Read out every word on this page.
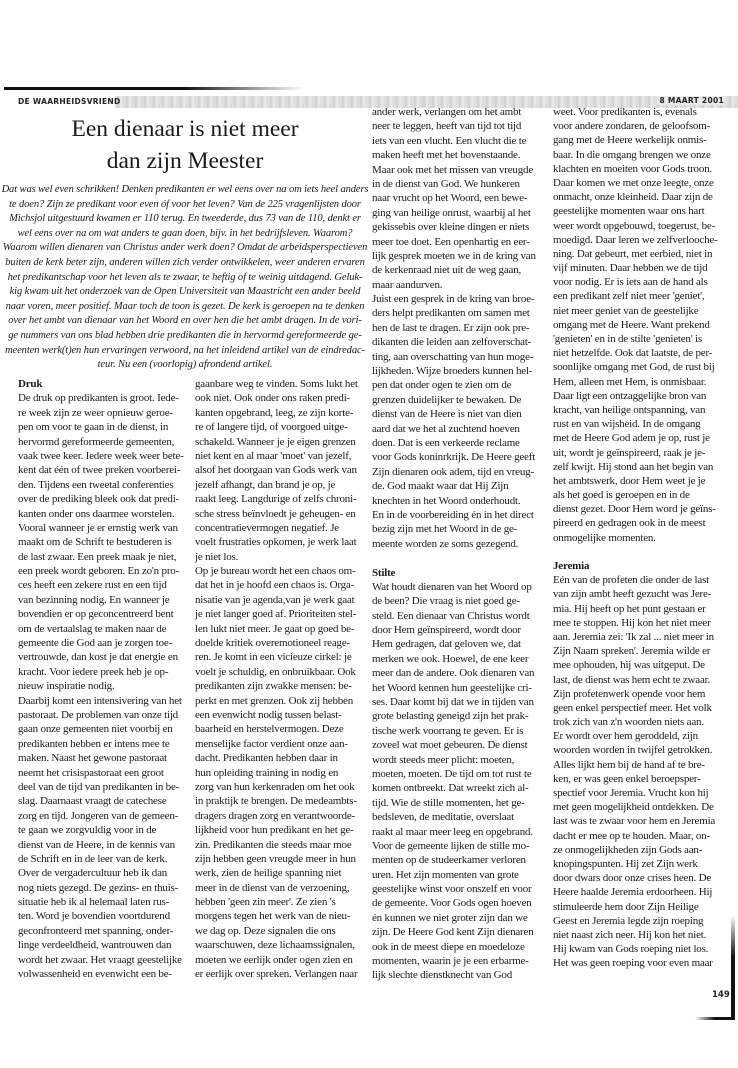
DE WAARHEIDSVRIEND	8 MAART 2001
Een dienaar is niet meer
dan zijn Meester
Dat was wel even schrikken! Denken predikanten er wel eens over na om iets heel anders
te doen? Zijn ze predikant voor even óf voor het leven? Van de 225 vragenlijsten door
Michsjol uitgestuurd kwamen er 110 terug. En tweederde, dus 73 van de 110, denkt er
wel eens over na om wat anders te gaan doen, bijv. in het bedrijfsleven. Waarom?
Waarom willen dienaren van Christus ander werk doen? Omdat de arbeidsperspectieven
buiten de kerk beter zijn, anderen willen zich verder ontwikkelen, weer anderen ervaren
het predikantschap voor het leven als te zwaar, te heftig of te weinig uitdagend. Geluk-
kig kwam uit het onderzoek van de Open Universiteit van Maastricht een ander beeld
naar voren, meer positief. Maar toch de toon is gezet. De kerk is geroepen na te denken
over het ambt van dienaar van het Woord en over hen die het ambt dragen. In de vori-
ge nummers van ons blad hebben drie predikanten die in hervormd gereformeerde ge-
meenten werk(t)en hun ervaringen verwoord, na het inleidend artikel van de eindredac-
teur. Nu een (voorlopig) afrondend artikel.
Druk
De druk op predikanten is groot. Iede-
re week zijn ze weer opnieuw geroe-
pen om voor te gaan in de dienst, in
hervormd gereformeerde gemeenten,
vaak twee keer. Iedere week weer bete-
kent dat één of twee preken voorberei-
den. Tijdens een tweetal conferenties
over de prediking bleek ook dat predi-
kanten onder ons daarmee worstelen.
Vooral wanneer je er ernstig werk van
maakt om de Schrift te bestuderen is
de last zwaar. Een preek maak je niet,
een preek wordt geboren. En zo'n pro-
ces heeft een zekere rust en een tijd
van bezinning nodig. En wanneer je
bovendien er op geconcentreerd bent
om de vertaalslag te maken naar de
gemeente die God aan je zorgen toe-
vertrouwde, dan kost je dat energie en
kracht. Voor iedere preek heb je op-
nieuw inspiratie nodig.
Daarbij komt een intensivering van het
pastoraat. De problemen van onze tijd
gaan onze gemeenten niet voorbij en
predikanten hebben er intens mee te
maken. Naast het gewone pastoraat
neemt het crisispastoraat een groot
deel van de tijd van predikanten in be-
slag. Daarnaast vraagt de catechese
zorg en tijd. Jongeren van de gemeen-
te gaan we zorgvuldig voor in de
dienst van de Heere, in de kennis van
de Schrift en in de leer van de kerk.
Over de vergadercultuur heb ik dan
nog niets gezegd. De gezins- en thuis-
situatie heb ik al helemaal laten rus-
ten. Word je bovendien voortdurend
geconfronteerd met spanning, onder-
linge verdeeldheid, wantrouwen dan
wordt het zwaar. Het vraagt geestelijke
volwassenheid en evenwicht een be-
gaanbare weg te vinden. Soms lukt het
ook niet. Ook onder ons raken predi-
kanten opgebrand, leeg, ze zijn korte-
re of langere tijd, of voorgoed uitge-
schakeld. Wanneer je je eigen grenzen
niet kent en al maar 'moet' van jezelf,
alsof het doorgaan van Gods werk van
jezelf afhangt, dan brand je op, je
raakt leeg. Langdurige of zelfs chroni-
sche stress beïnvloedt je geheugen- en
concentratievermogen negatief. Je
voelt frustraties opkomen, je werk laat
je niet los.
Op je bureau wordt het een chaos om-
dat het in je hoofd een chaos is. Orga-
nisatie van je agenda,van je werk gaat
je niet langer goed af. Prioriteiten stel-
len lukt niet meer. Je gaat op goed be-
doelde kritiek overemotioneel reage-
ren. Je komt in een vicieuze cirkel: je
voelt je schuldig, en onbruikbaar. Ook
predikanten zijn zwakke mensen: be-
perkt en met grenzen. Ook zij hebben
een evenwicht nodig tussen belast-
baarheid en herstelvermogen. Deze
menselijke factor verdient onze aan-
dacht. Predikanten hebben daar in
hun opleiding training in nodig en
zorg van hun kerkenraden om het ook
in praktijk te brengen. De medeambts-
dragers dragen zorg en verantwoorde-
lijkheid voor hun predikant en het ge-
zin. Predikanten die steeds maar moe
zijn hebben geen vreugde meer in hun
werk, zien de heilige spanning niet
meer in de dienst van de verzoening,
hebben 'geen zin meer'. Ze zien 's
morgens tegen het werk van de nieu-
we dag op. Deze signalen die ons
waarschuwen, deze lichaamssignalen,
moeten we eerlijk onder ogen zien en
er eerlijk over spreken. Verlangen naar
ander werk, verlangen om het ambt
neer te leggen, heeft van tijd tot tijd
iets van een vlucht. Een vlucht die te
maken heeft met het bovenstaande.
Maar ook met het missen van vreugde
in de dienst van God. We hunkeren
naar vrucht op het Woord, een bewe-
ging van heilige onrust, waarbij al het
gekissebis over kleine dingen er niets
meer toe doet. Een openhartig en eer-
lijk gesprek moeten we in de kring van
de kerkenraad niet uit de weg gaan,
maar aandurven.
Juist een gesprek in de kring van broe-
ders helpt predikanten om samen met
hen de last te dragen. Er zijn ook pre-
dikanten die leiden aan zelfoverschat-
ting, aan overschatting van hun moge-
lijkheden. Wijze broeders kunnen hel-
pen dat onder ogen te zien om de
grenzen duidelijker te bewaken. De
dienst van de Heere is niet van dien
aard dat we het al zuchtend hoeven
doen. Dat is een verkeerde reclame
voor Gods koninrkrijk. De Heere geeft
Zijn dienaren ook adem, tijd en vreug-
de. God maakt waar dat Hij Zijn
knechten in het Woord onderhoudt.
En in de voorbereiding én in het direct
bezig zijn met het Woord in de ge-
meente worden ze soms gezegend.
Stilte
Wat houdt dienaren van het Woord op
de been? Die vraag is niet goed ge-
steld. Een dienaar van Christus wordt
door Hem geïnspireerd, wordt door
Hem gedragen, dat geloven we, dat
merken we ook. Hoewel, de ene keer
meer dan de andere. Ook dienaren van
het Woord kennen hun geestelijke cri-
ses. Daar komt bij dat we in tijden van
grote belasting geneigd zijn het prak-
tische werk voorrang te geven. Er is
zoveel wat moet gebeuren. De dienst
wordt steeds meer plicht: moeten,
moeten, moeten. De tijd om tot rust te
komen ontbreekt. Dat wreekt zich al-
tijd. Wie de stille momenten, het ge-
bedsleven, de meditatie, overslaat
raakt al maar meer leeg en opgebrand.
Voor de gemeente lijken de stille mo-
menten op de studeerkamer verloren
uren. Het zijn momenten van grote
geestelijke winst voor onszelf en voor
de gemeente. Voor Gods ogen hoeven
én kunnen we niet groter zijn dan we
zijn. De Heere God kent Zijn dienaren
ook in de meest diepe en moedeloze
momenten, waarin je je een erbarme-
lijk slechte dienstknecht van God
weet. Voor predikanten is, evenals
voor andere zondaren, de geloofsom-
gang met de Heere werkelijk onmis-
baar. In die omgang brengen we onze
klachten en moeiten voor Gods troon.
Daar komen we met onze leegte, onze
onmacht, onze kleinheid. Daar zijn de
geestelijke momenten waar ons hart
weer wordt opgebouwd, toegerust, be-
moedigd. Daar leren we zelfverlooche-
ning. Dat gebeurt, met eerbied, niet in
vijf minuten. Daar hebben we de tijd
voor nodig. Er is iets aan de hand als
een predikant zelf niet meer 'geniet',
niet meer geniet van de geestelijke
omgang met de Heere. Want prekend
'genieten' en in de stilte 'genieten' is
niet hetzelfde. Ook dat laatste, de per-
soonlijke omgang met God, de rust bij
Hem, alleen met Hem, is onmisbaar.
Daar ligt een ontzaggelijke bron van
kracht, van heilige ontspanning, van
rust en van wijsheid. In de omgang
met de Heere God adem je op, rust je
uit, wordt je geïnspireerd, raak je je-
zelf kwijt. Hij stond aan het begin van
het ambtswerk, door Hem weet je je
als het goed is geroepen en in de
dienst gezet. Door Hem word je geïns-
pireerd en gedragen ook in de meest
onmogelijke momenten.
Jeremia
Eén van de profeten die onder de last
van zijn ambt heeft gezucht was Jere-
mia. Hij heeft op het punt gestaan er
mee te stoppen. Hij kon het niet meer
aan. Jeremia zei: 'Ik zal ... niet meer in
Zijn Naam spreken'. Jeremia wilde er
mee ophouden, hij was uitgeput. De
last, de dienst was hem echt te zwaar.
Zijn profetenwerk opende voor hem
geen enkel perspectief meer. Het volk
trok zich van z'n woorden niets aan.
Er wordt over hem geroddeld, zijn
woorden worden in twijfel getrokken.
Alles lijkt hem bij de hand af te bre-
ken, er was geen enkel beroepsper-
spectief voor Jeremia. Vrucht kon hij
met geen mogelijkheid ontdekken. De
last was te zwaar voor hem en Jeremia
dacht er mee op te houden. Maar, on-
ze onmogelijkheden zijn Gods aan-
knopingspunten. Hij zet Zijn werk
door dwars door onze crises heen. De
Heere haalde Jeremia erdoorheen. Hij
stimuleerde hem door Zijn Heilige
Geest en Jeremia legde zijn roeping
niet naast zich neer. Hij kon het niet.
Hij kwam van Gods roeping niet los.
Het was geen roeping voor even maar
149
